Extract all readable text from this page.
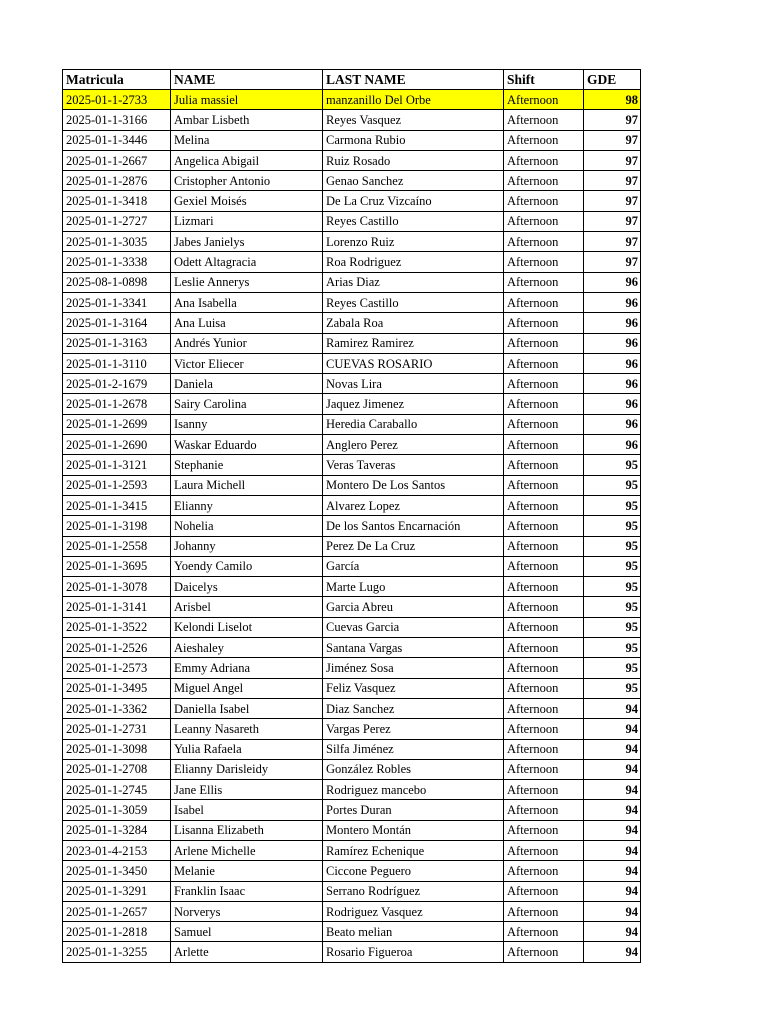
Matricula	NAME	LAST NAME	Shift	GDE
2025-01-1-2733	Julia massiel	manzanillo Del Orbe	Afternoon	98
2025-01-1-3166	Ambar Lisbeth	Reyes Vasquez	Afternoon	97
2025-01-1-3446	Melina	Carmona Rubio	Afternoon	97
2025-01-1-2667	Angelica Abigail	Ruiz Rosado	Afternoon	97
2025-01-1-2876	Cristopher Antonio	Genao Sanchez	Afternoon	97
2025-01-1-3418	Gexiel Moisés	De La Cruz Vizcaíno	Afternoon	97
2025-01-1-2727	Lizmari	Reyes Castillo	Afternoon	97
2025-01-1-3035	Jabes Janielys	Lorenzo Ruiz	Afternoon	97
2025-01-1-3338	Odett Altagracia	Roa Rodriguez	Afternoon	97
2025-08-1-0898	Leslie Annerys	Arias Diaz	Afternoon	96
2025-01-1-3341	Ana Isabella	Reyes Castillo	Afternoon	96
2025-01-1-3164	Ana Luisa	Zabala Roa	Afternoon	96
2025-01-1-3163	Andrés Yunior	Ramirez Ramirez	Afternoon	96
2025-01-1-3110	Victor Eliecer	CUEVAS ROSARIO	Afternoon	96
2025-01-2-1679	Daniela	Novas Lira	Afternoon	96
2025-01-1-2678	Sairy Carolina	Jaquez Jimenez	Afternoon	96
2025-01-1-2699	Isanny	Heredia Caraballo	Afternoon	96
2025-01-1-2690	Waskar Eduardo	Anglero Perez	Afternoon	96
2025-01-1-3121	Stephanie	Veras Taveras	Afternoon	95
2025-01-1-2593	Laura Michell	Montero De Los Santos	Afternoon	95
2025-01-1-3415	Elianny	Alvarez Lopez	Afternoon	95
2025-01-1-3198	Nohelia	De los Santos Encarnación	Afternoon	95
2025-01-1-2558	Johanny	Perez De La Cruz	Afternoon	95
2025-01-1-3695	Yoendy Camilo	García	Afternoon	95
2025-01-1-3078	Daicelys	Marte Lugo	Afternoon	95
2025-01-1-3141	Arisbel	Garcia Abreu	Afternoon	95
2025-01-1-3522	Kelondi Liselot	Cuevas Garcia	Afternoon	95
2025-01-1-2526	Aieshaley	Santana Vargas	Afternoon	95
2025-01-1-2573	Emmy Adriana	Jiménez Sosa	Afternoon	95
2025-01-1-3495	Miguel Angel	Feliz Vasquez	Afternoon	95
2025-01-1-3362	Daniella Isabel	Diaz Sanchez	Afternoon	94
2025-01-1-2731	Leanny Nasareth	Vargas Perez	Afternoon	94
2025-01-1-3098	Yulia Rafaela	Silfa Jiménez	Afternoon	94
2025-01-1-2708	Elianny Darisleidy	González Robles	Afternoon	94
2025-01-1-2745	Jane Ellis	Rodriguez mancebo	Afternoon	94
2025-01-1-3059	Isabel	Portes Duran	Afternoon	94
2025-01-1-3284	Lisanna Elizabeth	Montero Montán	Afternoon	94
2023-01-4-2153	Arlene Michelle	Ramírez Echenique	Afternoon	94
2025-01-1-3450	Melanie	Ciccone Peguero	Afternoon	94
2025-01-1-3291	Franklin Isaac	Serrano Rodríguez	Afternoon	94
2025-01-1-2657	Norverys	Rodriguez Vasquez	Afternoon	94
2025-01-1-2818	Samuel	Beato melian	Afternoon	94
2025-01-1-3255	Arlette	Rosario Figueroa	Afternoon	94
